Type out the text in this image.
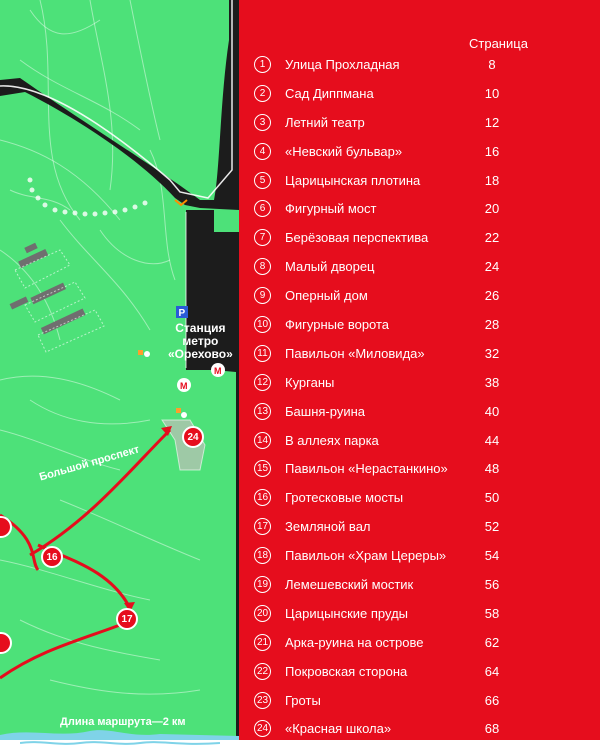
M
M
P
Станция
метро
«Орехово»
Большой проспект
Длина маршрута—2 км
24
16
17
Страница
1	Улица Прохладная	8
2	Сад Диппмана	10
3	Летний театр	12
4	«Невский бульвар»	16
5	Царицынская плотина	18
6	Фигурный мост	20
7	Берёзовая перспектива	22
8	Малый дворец	24
9	Оперный дом	26
10 Фигурные ворота	28
11 Павильон «Миловида»	32
12 Курганы	38
13 Башня-руина	40
14 В аллеях парка	44
15 Павильон «Нерастанкино»	48
16 Гротесковые мосты	50
17 Земляной вал	52
18 Павильон «Храм Цереры»	54
19 Лемешевский мостик	56
20 Царицынские пруды	58
21 Арка-руина на острове	62
22 Покровская сторона	64
23 Гроты	66
24 «Красная школа»	68
